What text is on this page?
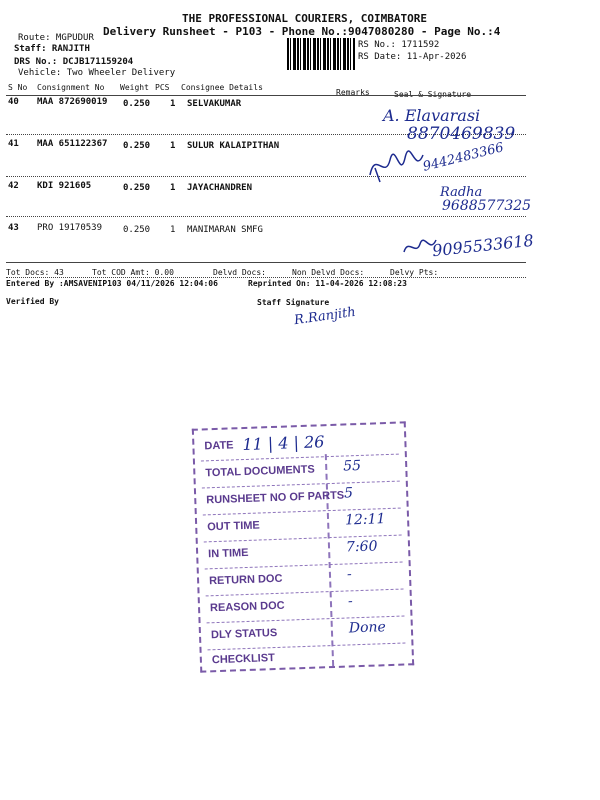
THE PROFESSIONAL COURIERS, COIMBATORE
Delivery Runsheet - P103 - Phone No.:9047080280 - Page No.:4
Route: MGPUDUR
Staff: RANJITH
DRS No.: DCJB171159204
Vehicle: Two Wheeler Delivery
RS No.: 1711592
RS Date: 11-Apr-2026
S No Consignment No Weight PCS Consignee Details
Remarks	Seal & Signature
40 MAA 872690019 0.250 1 SELVAKUMAR
41 MAA 651122367 0.250 1 SULUR KALAIPITHAN
42 KDI 921605	0.250 1 JAYACHANDREN
43 PRO 19170539 0.250 1 MANIMARAN SMFG
A. Elavarasi
8870469839
9442483366
Radha
9688577325
9095533618
Tot Docs: 43	Tot COD Amt: 0.00	Delvd Docs:	Non Delvd Docs:	Delvy Pts:
Entered By :AMSAVENIP103 04/11/2026 12:04:06	Reprinted On: 11-04-2026 12:08:23
Verified By	Staff Signature
R.Ranjith
DATE 11 | 4 | 26
TOTAL DOCUMENTS 55
RUNSHEET NO OF PARTS 5
OUT TIME	12:11
IN TIME	7:60
RETURN DOC	-
REASON DOC	-
DLY STATUS	Done
CHECKLIST
